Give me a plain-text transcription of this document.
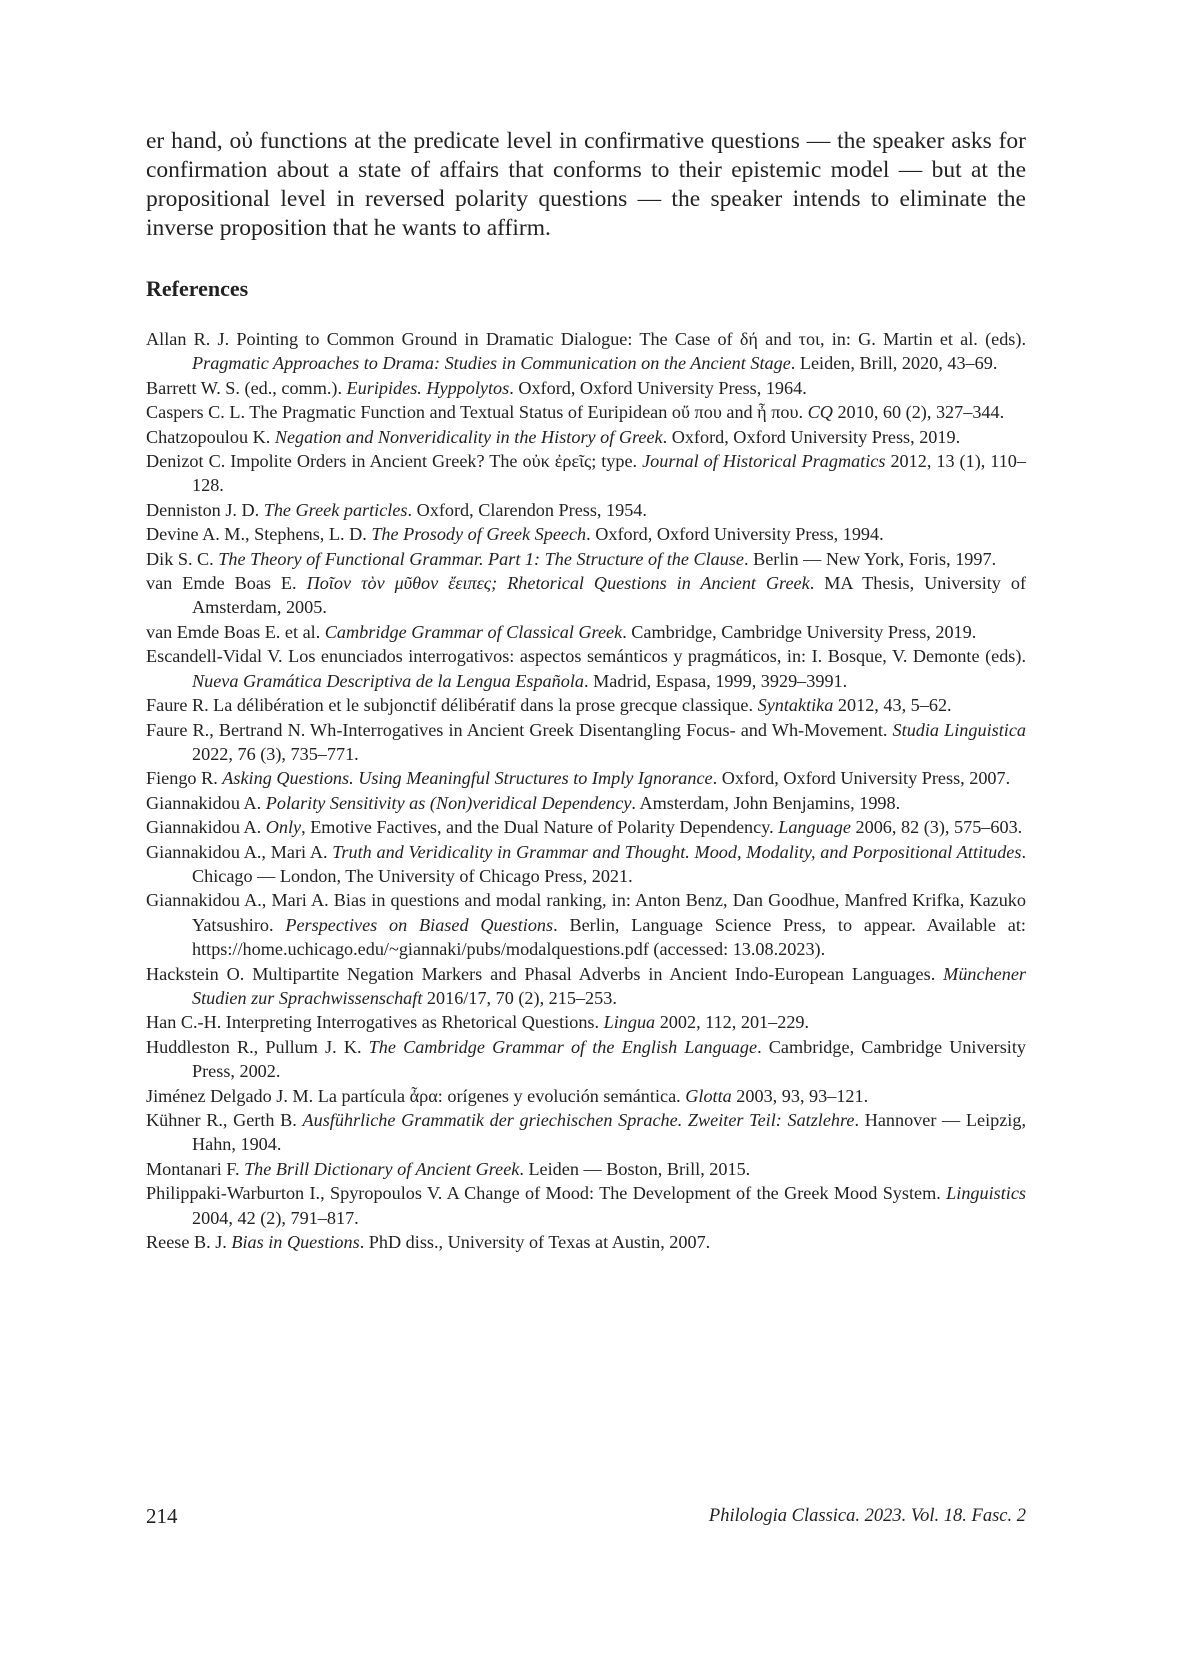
er hand, οὐ functions at the predicate level in confirmative questions — the speaker asks for confirmation about a state of affairs that conforms to their epistemic model — but at the propositional level in reversed polarity questions — the speaker intends to eliminate the inverse proposition that he wants to affirm.

References
Allan R. J. Pointing to Common Ground in Dramatic Dialogue: The Case of δή and τοι, in: G. Martin et al. (eds). Pragmatic Approaches to Drama: Studies in Communication on the Ancient Stage. Leiden, Brill, 2020, 43–69.
Barrett W. S. (ed., comm.). Euripides. Hyppolytos. Oxford, Oxford University Press, 1964.
Caspers C. L. The Pragmatic Function and Textual Status of Euripidean οὔ που and ἦ που. CQ 2010, 60 (2), 327–344.
Chatzopoulou K. Negation and Nonveridicality in the History of Greek. Oxford, Oxford University Press, 2019.
Denizot C. Impolite Orders in Ancient Greek? The οὐκ ἐρεῖς; type. Journal of Historical Pragmatics 2012, 13 (1), 110–128.
Denniston J. D. The Greek particles. Oxford, Clarendon Press, 1954.
Devine A. M., Stephens, L. D. The Prosody of Greek Speech. Oxford, Oxford University Press, 1994.
Dik S. C. The Theory of Functional Grammar. Part 1: The Structure of the Clause. Berlin — New York, Foris, 1997.
van Emde Boas E. Ποῖον τὸν μῦθον ἔειπες; Rhetorical Questions in Ancient Greek. MA Thesis, University of Amsterdam, 2005.
van Emde Boas E. et al. Cambridge Grammar of Classical Greek. Cambridge, Cambridge University Press, 2019.
Escandell-Vidal V. Los enunciados interrogativos: aspectos semánticos y pragmáticos, in: I. Bosque, V. Demonte (eds). Nueva Gramática Descriptiva de la Lengua Española. Madrid, Espasa, 1999, 3929–3991.
Faure R. La délibération et le subjonctif délibératif dans la prose grecque classique. Syntaktika 2012, 43, 5–62.
Faure R., Bertrand N. Wh-Interrogatives in Ancient Greek Disentangling Focus- and Wh-Movement. Studia Linguistica 2022, 76 (3), 735–771.
Fiengo R. Asking Questions. Using Meaningful Structures to Imply Ignorance. Oxford, Oxford University Press, 2007.
Giannakidou A. Polarity Sensitivity as (Non)veridical Dependency. Amsterdam, John Benjamins, 1998.
Giannakidou A. Only, Emotive Factives, and the Dual Nature of Polarity Dependency. Language 2006, 82 (3), 575–603.
Giannakidou A., Mari A. Truth and Veridicality in Grammar and Thought. Mood, Modality, and Porpositional Attitudes. Chicago — London, The University of Chicago Press, 2021.
Giannakidou A., Mari A. Bias in questions and modal ranking, in: Anton Benz, Dan Goodhue, Manfred Krifka, Kazuko Yatsushiro. Perspectives on Biased Questions. Berlin, Language Science Press, to appear. Available at: https://home.uchicago.edu/~giannaki/pubs/modalquestions.pdf (accessed: 13.08.2023).
Hackstein O. Multipartite Negation Markers and Phasal Adverbs in Ancient Indo-European Languages. Münchener Studien zur Sprachwissenschaft 2016/17, 70 (2), 215–253.
Han C.-H. Interpreting Interrogatives as Rhetorical Questions. Lingua 2002, 112, 201–229.
Huddleston R., Pullum J. K. The Cambridge Grammar of the English Language. Cambridge, Cambridge University Press, 2002.
Jiménez Delgado J. M. La partícula ἆρα: orígenes y evolución semántica. Glotta 2003, 93, 93–121.
Kühner R., Gerth B. Ausführliche Grammatik der griechischen Sprache. Zweiter Teil: Satzlehre. Hannover — Leipzig, Hahn, 1904.
Montanari F. The Brill Dictionary of Ancient Greek. Leiden — Boston, Brill, 2015.
Philippaki-Warburton I., Spyropoulos V. A Change of Mood: The Development of the Greek Mood System. Linguistics 2004, 42 (2), 791–817.
Reese B. J. Bias in Questions. PhD diss., University of Texas at Austin, 2007.
214	Philologia Classica. 2023. Vol. 18. Fasc. 2
